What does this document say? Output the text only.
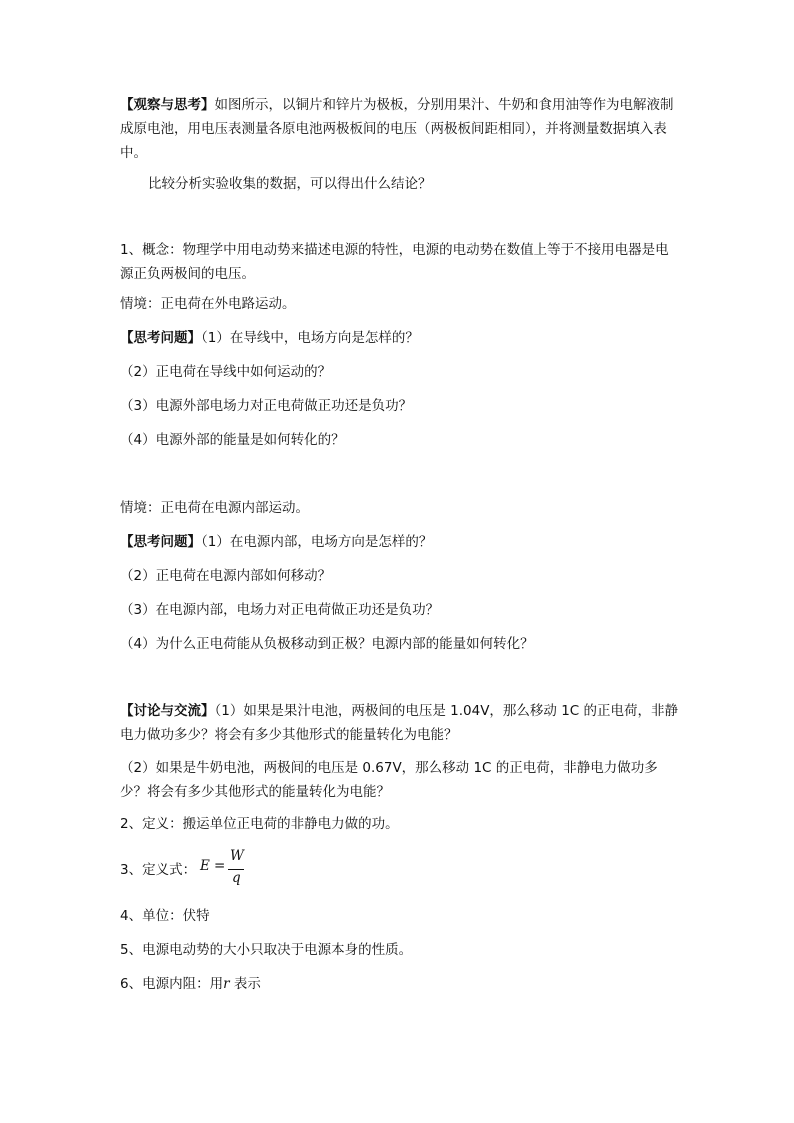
【观察与思考】如图所示，以铜片和锌片为极板，分别用果汁、牛奶和食用油等作为电解液制成原电池，用电压表测量各原电池两极板间的电压（两极板间距相同），并将测量数据填入表中。

比较分析实验收集的数据，可以得出什么结论？

1、概念：物理学中用电动势来描述电源的特性，电源的电动势在数值上等于不接用电器是电源正负两极间的电压。

情境：正电荷在外电路运动。

【思考问题】（1）在导线中，电场方向是怎样的？

（2）正电荷在导线中如何运动的？

（3）电源外部电场力对正电荷做正功还是负功？

（4）电源外部的能量是如何转化的？

情境：正电荷在电源内部运动。

【思考问题】（1）在电源内部，电场方向是怎样的？

（2）正电荷在电源内部如何移动？

（3）在电源内部，电场力对正电荷做正功还是负功？

（4）为什么正电荷能从负极移动到正极？电源内部的能量如何转化？

【讨论与交流】（1）如果是果汁电池，两极间的电压是 1.04V，那么移动 1C 的正电荷，非静电力做功多少？将会有多少其他形式的能量转化为电能？

（2）如果是牛奶电池，两极间的电压是 0.67V，那么移动 1C 的正电荷，非静电力做功多少？将会有多少其他形式的能量转化为电能？

2、定义：搬运单位正电荷的非静电力做的功。

3、定义式： E =
W
q

4、单位：伏特

5、电源电动势的大小只取决于电源本身的性质。

6、电源内阻：用r 表示
